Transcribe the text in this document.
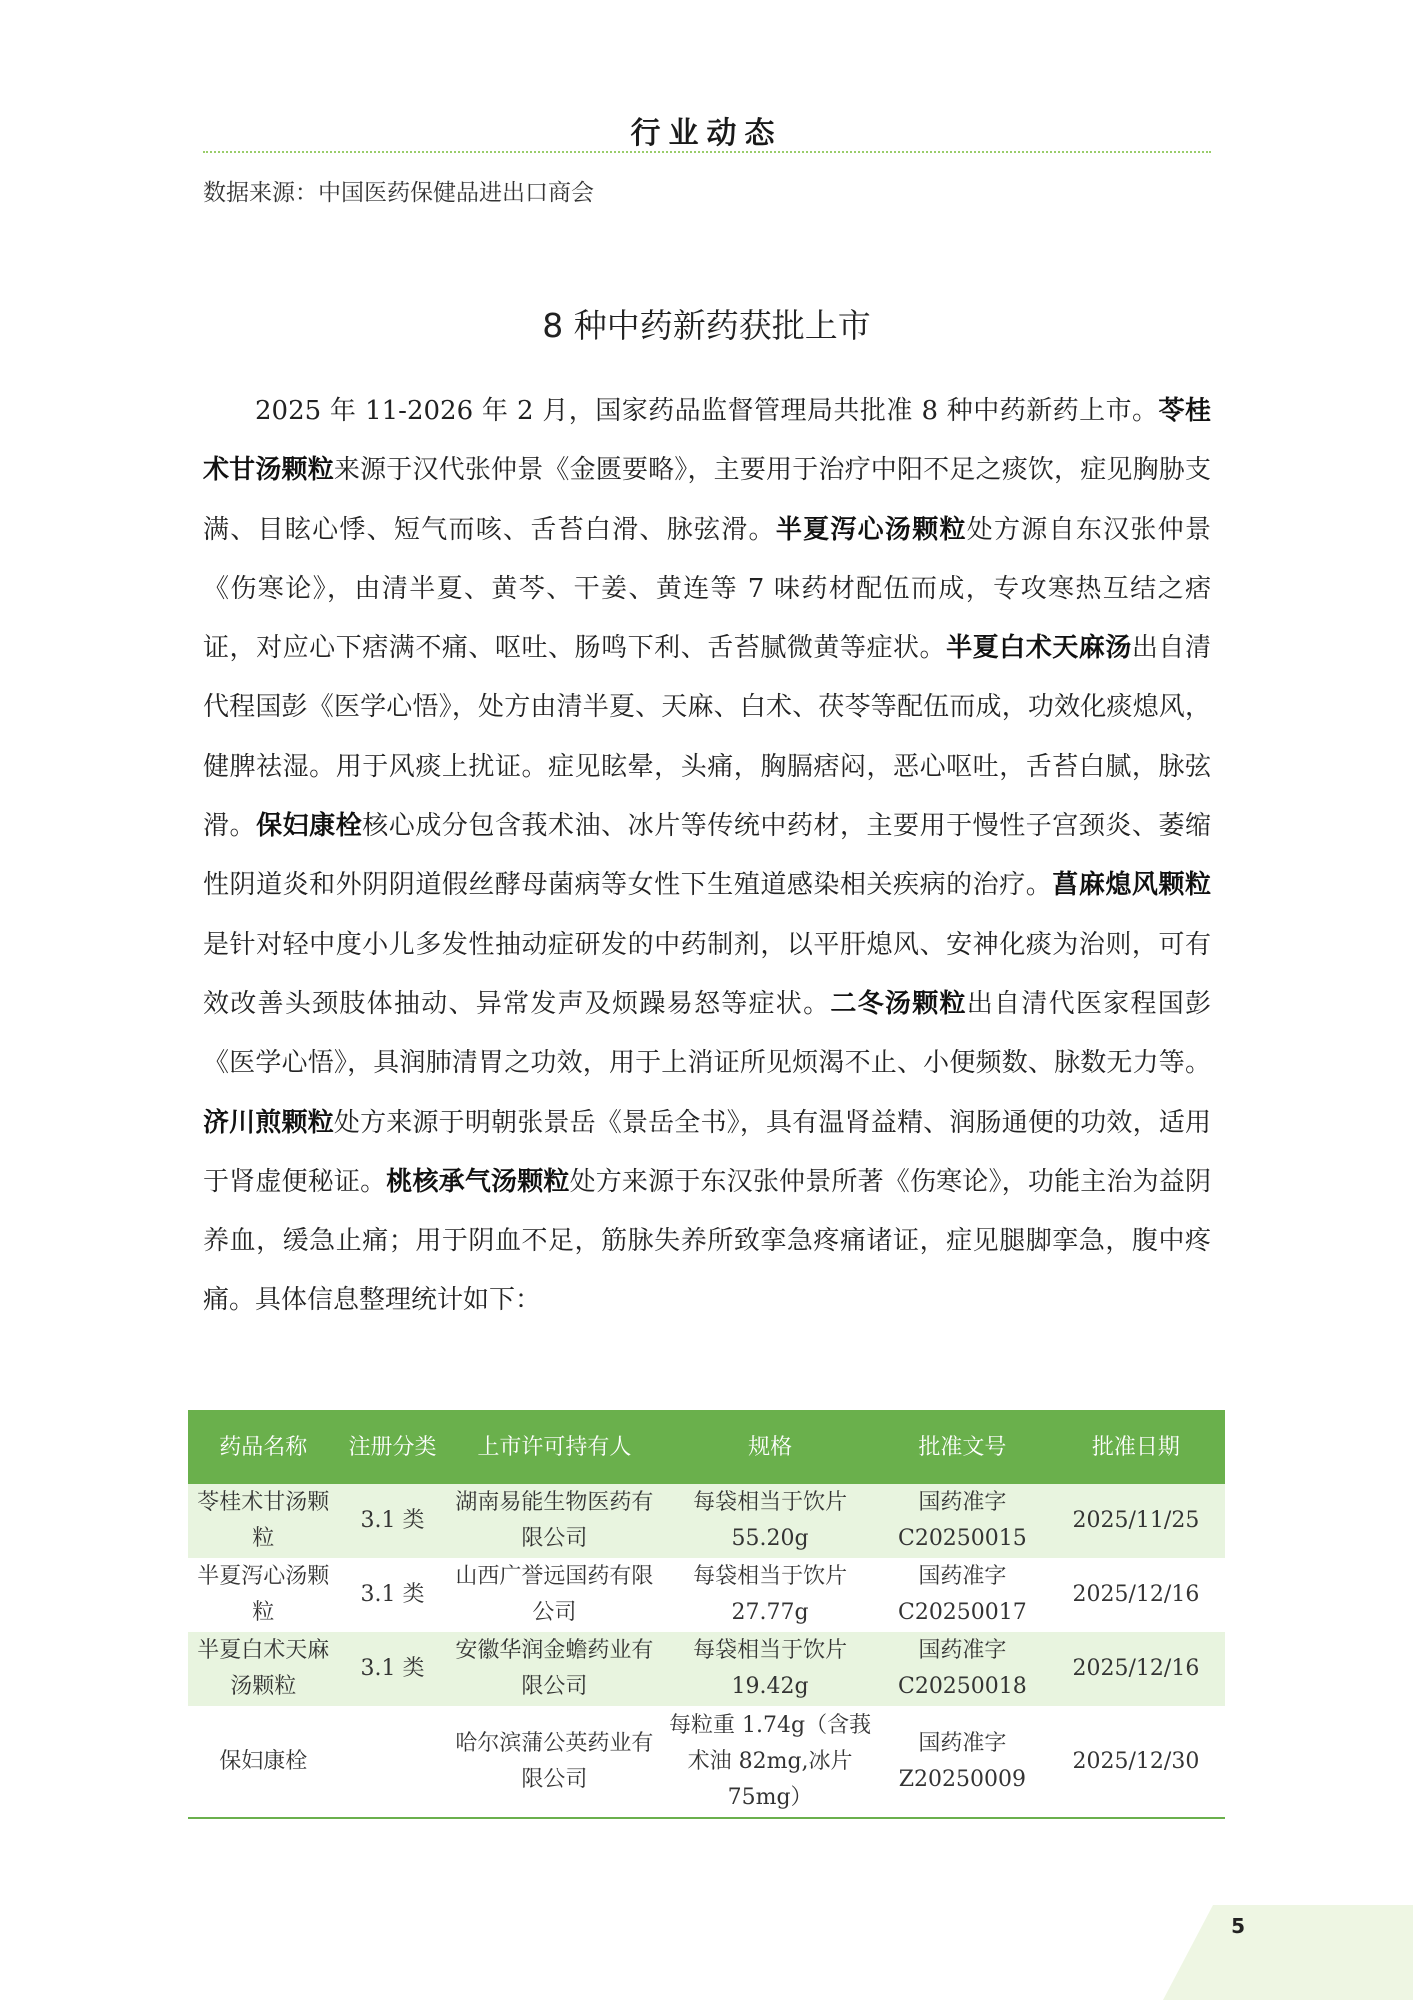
行业动态
数据来源：中国医药保健品进出口商会
8 种中药新药获批上市
2025 年 11-2026 年 2 月，国家药品监督管理局共批准 8 种中药新药上市。苓桂术甘汤颗粒来源于汉代张仲景《金匮要略》，主要用于治疗中阳不足之痰饮，症见胸胁支满、目眩心悸、短气而咳、舌苔白滑、脉弦滑。半夏泻心汤颗粒处方源自东汉张仲景《伤寒论》，由清半夏、黄芩、干姜、黄连等 7 味药材配伍而成，专攻寒热互结之痞证，对应心下痞满不痛、呕吐、肠鸣下利、舌苔腻微黄等症状。半夏白术天麻汤出自清代程国彭《医学心悟》，处方由清半夏、天麻、白术、茯苓等配伍而成，功效化痰熄风，健脾祛湿。用于风痰上扰证。症见眩晕，头痛，胸膈痞闷，恶心呕吐，舌苔白腻，脉弦滑。保妇康栓核心成分包含莪术油、冰片等传统中药材，主要用于慢性子宫颈炎、萎缩性阴道炎和外阴阴道假丝酵母菌病等女性下生殖道感染相关疾病的治疗。菖麻熄风颗粒是针对轻中度小儿多发性抽动症研发的中药制剂，以平肝熄风、安神化痰为治则，可有效改善头颈肢体抽动、异常发声及烦躁易怒等症状。二冬汤颗粒出自清代医家程国彭《医学心悟》，具润肺清胃之功效，用于上消证所见烦渴不止、小便频数、脉数无力等。济川煎颗粒处方来源于明朝张景岳《景岳全书》，具有温肾益精、润肠通便的功效，适用于肾虚便秘证。桃核承气汤颗粒处方来源于东汉张仲景所著《伤寒论》，功能主治为益阴养血，缓急止痛；用于阴血不足，筋脉失养所致挛急疼痛诸证，症见腿脚挛急，腹中疼痛。具体信息整理统计如下：
药品名称	注册分类	上市许可持有人	规格	批准文号	批准日期
苓桂术甘汤颗粒	3.1 类	湖南易能生物医药有限公司	每袋相当于饮片 55.20g	国药准字 C20250015	2025/11/25
半夏泻心汤颗粒	3.1 类	山西广誉远国药有限公司	每袋相当于饮片 27.77g	国药准字 C20250017	2025/12/16
半夏白术天麻汤颗粒	3.1 类	安徽华润金蟾药业有限公司	每袋相当于饮片 19.42g	国药准字 C20250018	2025/12/16
保妇康栓		哈尔滨蒲公英药业有限公司	每粒重 1.74g（含莪术油 82mg,冰片 75mg）	国药准字 Z20250009	2025/12/30
5
